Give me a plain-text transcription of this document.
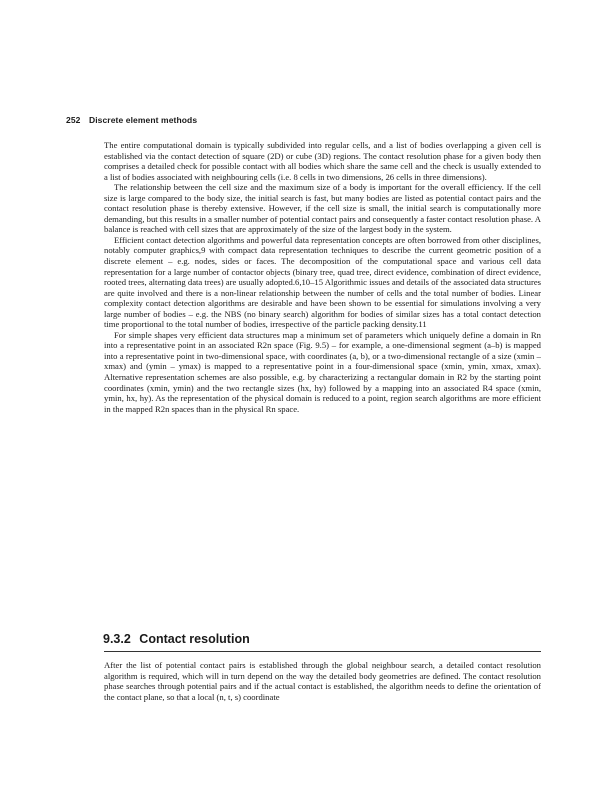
252 Discrete element methods

The entire computational domain is typically subdivided into regular cells, and a list of bodies overlapping a given cell is established via the contact detection of square (2D) or cube (3D) regions. The contact resolution phase for a given body then comprises a detailed check for possible contact with all bodies which share the same cell and the check is usually extended to a list of bodies associated with neighbouring cells (i.e. 8 cells in two dimensions, 26 cells in three dimensions).

The relationship between the cell size and the maximum size of a body is important for the overall efficiency. If the cell size is large compared to the body size, the initial search is fast, but many bodies are listed as potential contact pairs and the contact resolution phase is thereby extensive. However, if the cell size is small, the initial search is computationally more demanding, but this results in a smaller number of potential contact pairs and consequently a faster contact resolution phase. A balance is reached with cell sizes that are approximately of the size of the largest body in the system.

Efficient contact detection algorithms and powerful data representation concepts are often borrowed from other disciplines, notably computer graphics,9 with compact data representation techniques to describe the current geometric position of a discrete element – e.g. nodes, sides or faces. The decomposition of the computational space and various cell data representation for a large number of contactor objects (binary tree, quad tree, direct evidence, combination of direct evidence, rooted trees, alternating data trees) are usually adopted.6,10–15 Algorithmic issues and details of the associated data structures are quite involved and there is a non-linear relationship between the number of cells and the total number of bodies. Linear complexity contact detection algorithms are desirable and have been shown to be essential for simulations involving a very large number of bodies – e.g. the NBS (no binary search) algorithm for bodies of similar sizes has a total contact detection time proportional to the total number of bodies, irrespective of the particle packing density.11

For simple shapes very efficient data structures map a minimum set of parameters which uniquely define a domain in Rn into a representative point in an associated R2n space (Fig. 9.5) – for example, a one-dimensional segment (a–b) is mapped into a representative point in two-dimensional space, with coordinates (a, b), or a two-dimensional rectangle of a size (xmin – xmax) and (ymin – ymax) is mapped to a representative point in a four-dimensional space (xmin, ymin, xmax, xmax). Alternative representation schemes are also possible, e.g. by characterizing a rectangular domain in R2 by the starting point coordinates (xmin, ymin) and the two rectangle sizes (hx, hy) followed by a mapping into an associated R4 space (xmin, ymin, hx, hy). As the representation of the physical domain is reduced to a point, region search algorithms are more efficient in the mapped R2n spaces than in the physical Rn space.

9.3.2 Contact resolution

After the list of potential contact pairs is established through the global neighbour search, a detailed contact resolution algorithm is required, which will in turn depend on the way the detailed body geometries are defined. The contact resolution phase searches through potential pairs and if the actual contact is established, the algorithm needs to define the orientation of the contact plane, so that a local (n, t, s) coordinate
